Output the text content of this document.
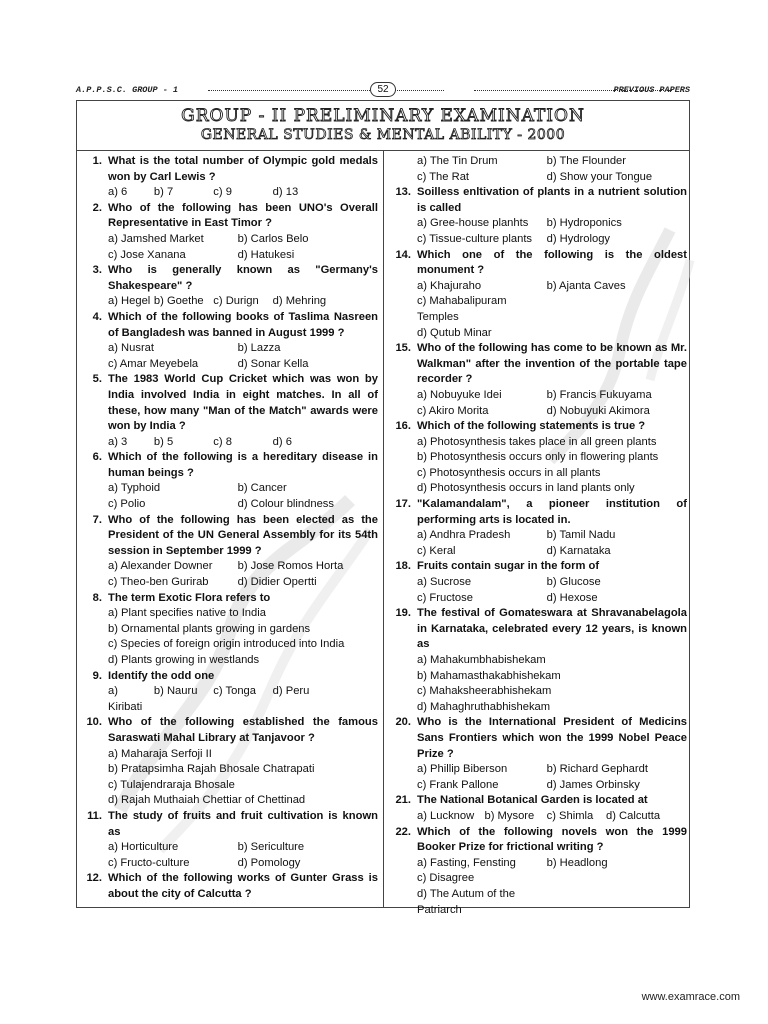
A.P.P.S.C. GROUP - 1	PREVIOUS PAPERS
52
GROUP - II PRELIMINARY EXAMINATION
GENERAL STUDIES & MENTAL ABILITY - 2000
1. What is the total number of Olympic gold medals won by Carl Lewis ?
a) 6	b) 7	c) 9	d) 13
2. Who of the following has been UNO's Overall Representative in East Timor ?
a) Jamshed Market	b) Carlos Belo
c) Jose Xanana	d) Hatukesi
3. Who is generally known as "Germany's Shakespeare" ?
a) Hegel b) Goethe c) Durign	d) Mehring
4. Which of the following books of Taslima Nasreen of Bangladesh was banned in August 1999 ?
a) Nusrat	b) Lazza
c) Amar Meyebela	d) Sonar Kella
5. The 1983 World Cup Cricket which was won by India involved India in eight matches. In all of these, how many "Man of the Match" awards were won by India ?
a) 3	b) 5	c) 8	d) 6
6. Which of the following is a hereditary disease in human beings ?
a) Typhoid	b) Cancer
c) Polio	d) Colour blindness
7. Who of the following has been elected as the President of the UN General Assembly for its 54th session in September 1999 ?
a) Alexander Downer	b) Jose Romos Horta
c) Theo-ben Gurirab	d) Didier Opertti
8. The term Exotic Flora refers to
a) Plant specifies native to India
b) Ornamental plants growing in gardens
c) Species of foreign origin introduced into India
d) Plants growing in westlands
9. Identify the odd one
a) Kiribati
b) Nauru	c) Tonga	d) Peru
10. Who of the following established the famous Saraswati Mahal Library at Tanjavoor ?
a) Maharaja Serfoji II
b) Pratapsimha Rajah Bhosale Chatrapati
c) Tulajendraraja Bhosale
d) Rajah Muthaiah Chettiar of Chettinad
11. The study of fruits and fruit cultivation is known as
a) Horticulture	b) Sericulture
c) Fructo-culture	d) Pomology
12. Which of the following works of Gunter Grass is about the city of Calcutta ?
a) The Tin Drum	b) The Flounder
c) The Rat	d) Show your Tongue
13. Soilless enltivation of plants in a nutrient solution is called
a) Gree-house planhts	b) Hydroponics
c) Tissue-culture plants	d) Hydrology
14. Which one of the following is the oldest monument ?
a) Khajuraho	b) Ajanta Caves
c) Mahabalipuram Temples
d) Qutub Minar
15. Who of the following has come to be known as Mr. Walkman" after the invention of the portable tape recorder ?
a) Nobuyuke Idei	b) Francis Fukuyama
c) Akiro Morita	d) Nobuyuki Akimora
16. Which of the following statements is true ?
a) Photosynthesis takes place in all green plants
b) Photosynthesis occurs only in flowering plants
c) Photosynthesis occurs in all plants
d) Photosynthesis occurs in land plants only
17. "Kalamandalam", a pioneer institution of performing arts is located in.
a) Andhra Pradesh	b) Tamil Nadu
c) Keral	d) Karnataka
18. Fruits contain sugar in the form of
a) Sucrose	b) Glucose
c) Fructose	d) Hexose
19. The festival of Gomateswara at Shravanabelagola in Karnataka, celebrated every 12 years, is known as
a) Mahakumbhabishekam
b) Mahamasthakabhishekam
c) Mahaksheerabhishekam
d) Mahaghruthabhishekam
20. Who is the International President of Medicins Sans Frontiers which won the 1999 Nobel Peace Prize ?
a) Phillip Biberson	b) Richard Gephardt
c) Frank Pallone	d) James Orbinsky
21. The National Botanical Garden is located at
a) Lucknow b) Mysore	c) Shimla	d) Calcutta
22. Which of the following novels won the 1999 Booker Prize for frictional writing ?
a) Fasting, Fensting	b) Headlong
c) Disagree
d) The Autum of the Patriarch
www.examrace.com
